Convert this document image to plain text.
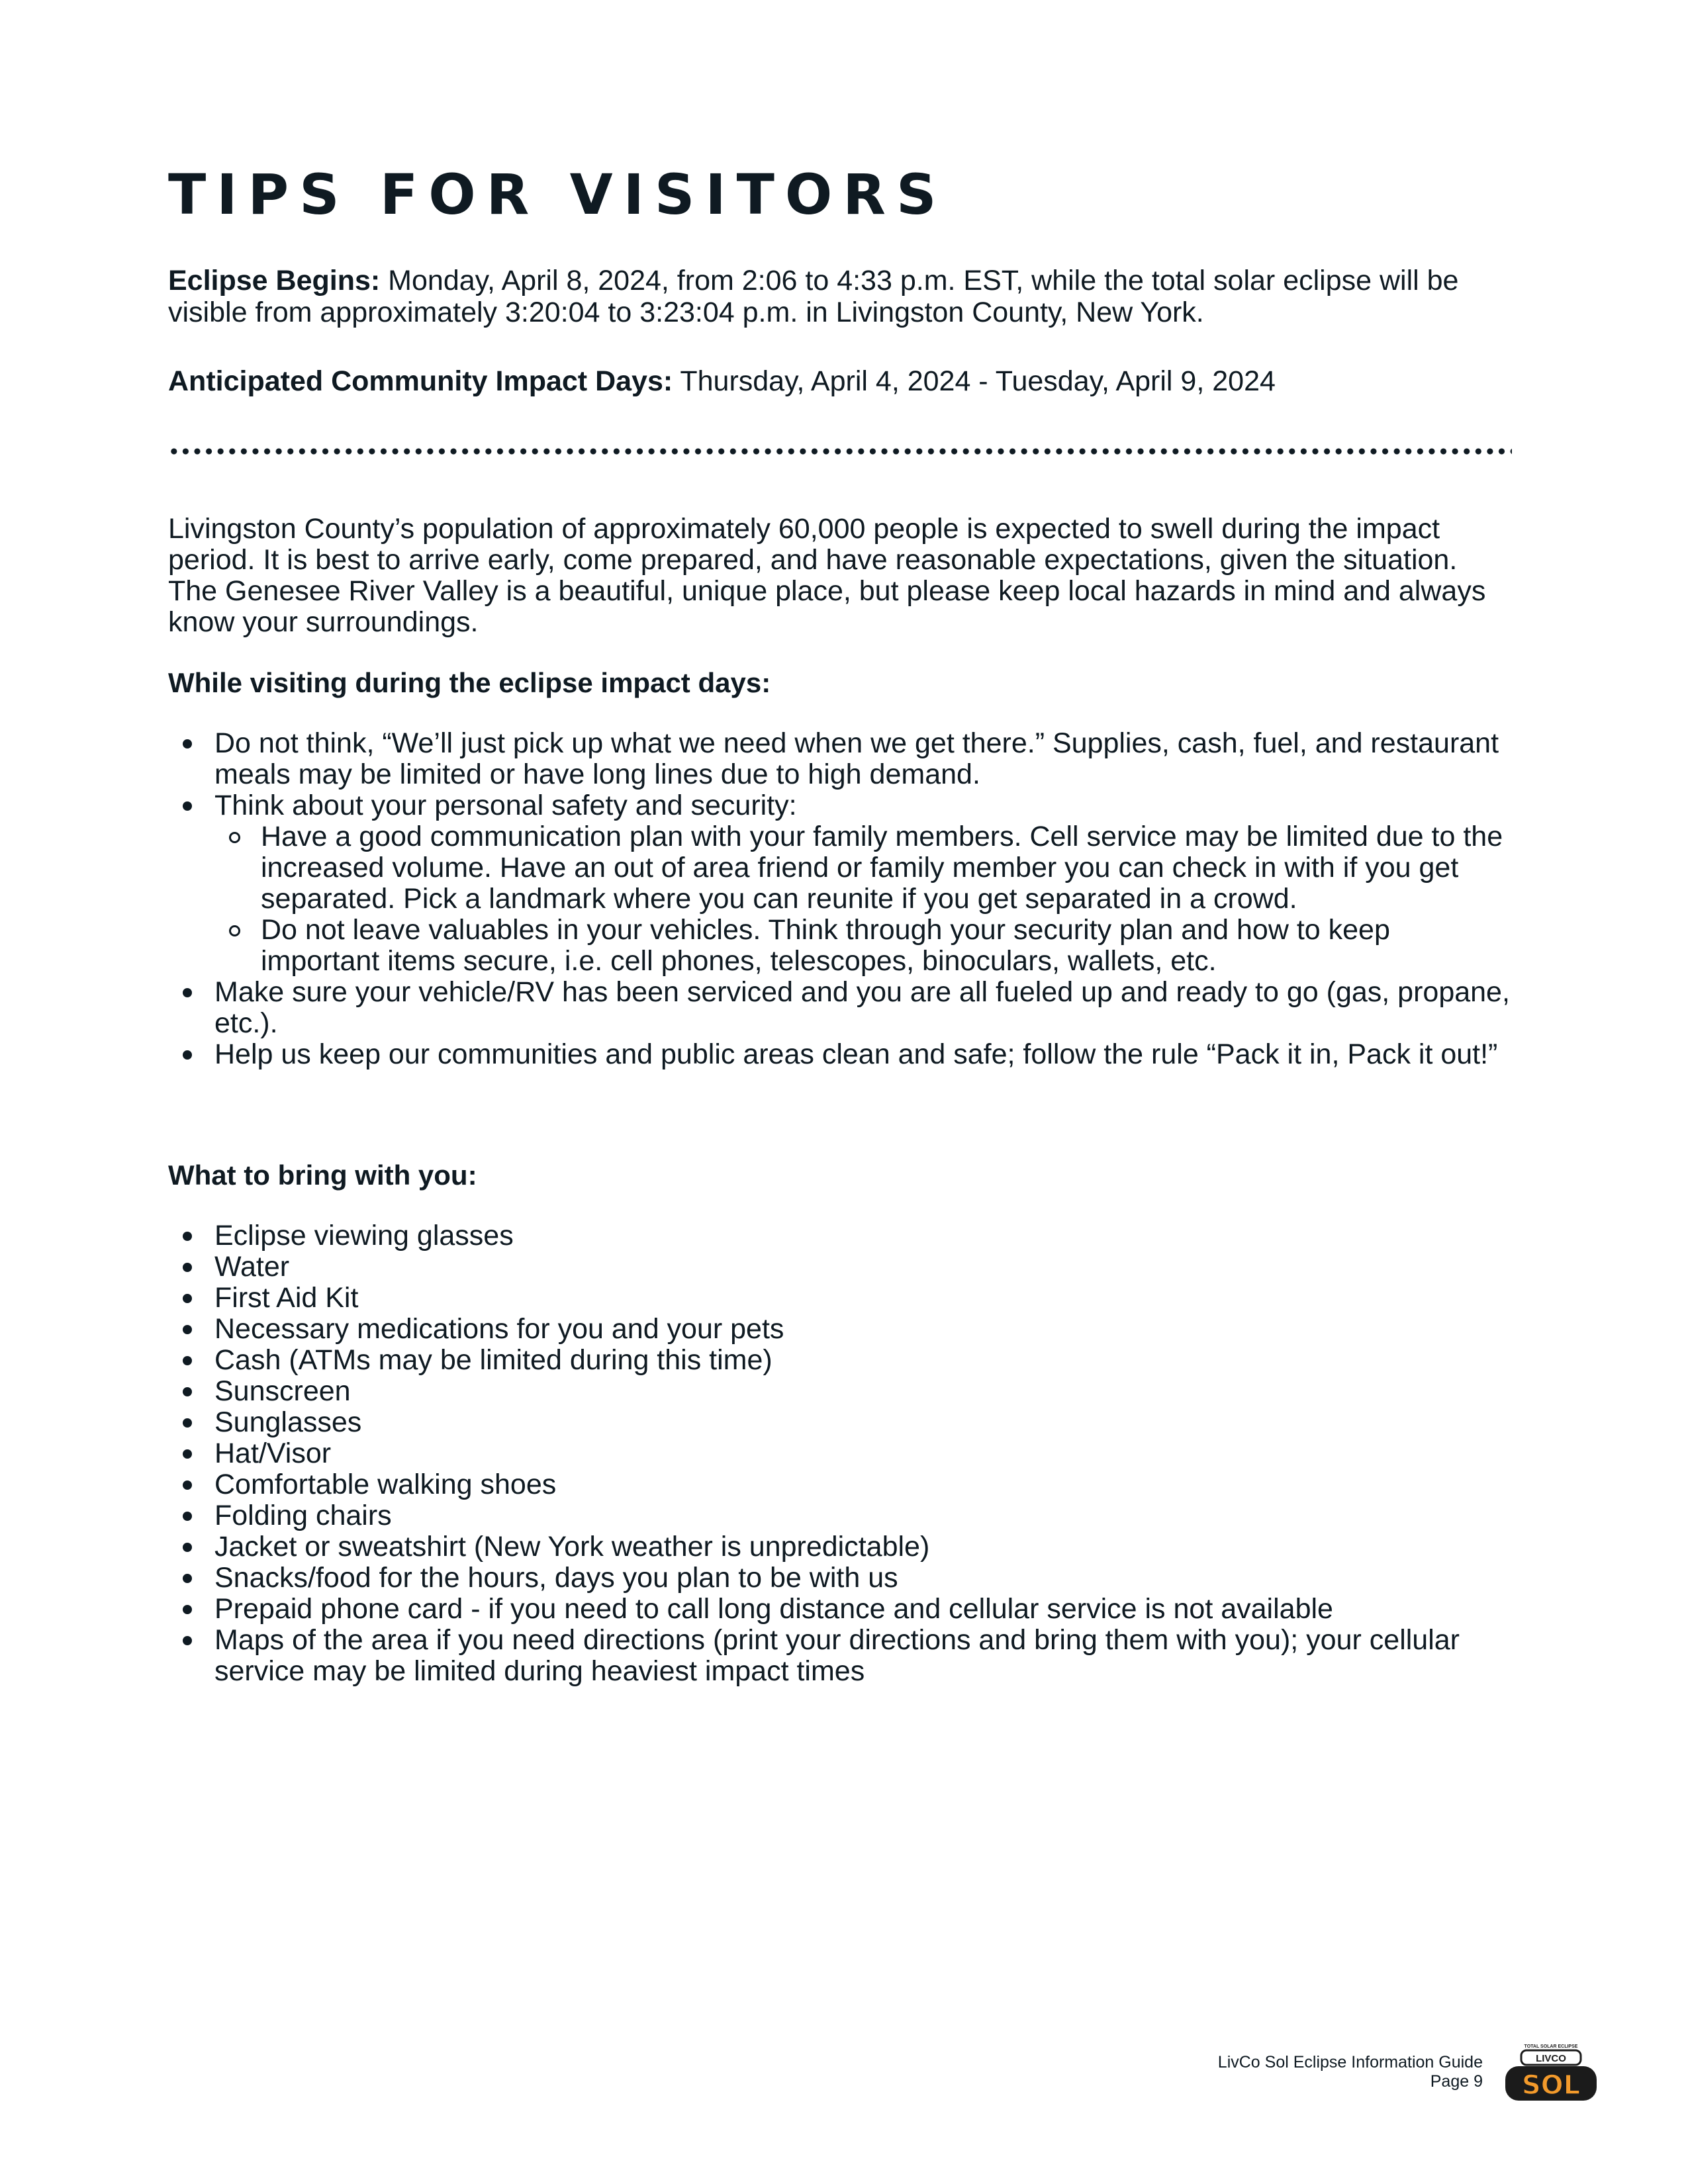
TIPS FOR VISITORS

Eclipse Begins: Monday, April 8, 2024, from 2:06 to 4:33 p.m. EST, while the total solar eclipse will be visible from approximately 3:20:04 to 3:23:04 p.m. in Livingston County, New York.

Anticipated Community Impact Days: Thursday, April 4, 2024 - Tuesday, April 9, 2024

Livingston County’s population of approximately 60,000 people is expected to swell during the impact period. It is best to arrive early, come prepared, and have reasonable expectations, given the situation. The Genesee River Valley is a beautiful, unique place, but please keep local hazards in mind and always know your surroundings.

While visiting during the eclipse impact days:

Do not think, “We’ll just pick up what we need when we get there.” Supplies, cash, fuel, and restaurant meals may be limited or have long lines due to high demand.
Think about your personal safety and security:
Have a good communication plan with your family members. Cell service may be limited due to the increased volume. Have an out of area friend or family member you can check in with if you get separated. Pick a landmark where you can reunite if you get separated in a crowd.
Do not leave valuables in your vehicles. Think through your security plan and how to keep important items secure, i.e. cell phones, telescopes, binoculars, wallets, etc.
Make sure your vehicle/RV has been serviced and you are all fueled up and ready to go (gas, propane, etc.).
Help us keep our communities and public areas clean and safe; follow the rule “Pack it in, Pack it out!”

What to bring with you:

Eclipse viewing glasses
Water
First Aid Kit
Necessary medications for you and your pets
Cash (ATMs may be limited during this time)
Sunscreen
Sunglasses
Hat/Visor
Comfortable walking shoes
Folding chairs
Jacket or sweatshirt (New York weather is unpredictable)
Snacks/food for the hours, days you plan to be with us
Prepaid phone card - if you need to call long distance and cellular service is not available
Maps of the area if you need directions (print your directions and bring them with you); your cellular service may be limited during heaviest impact times
LivCo Sol Eclipse Information Guide
Page 9
TOTAL SOLAR ECLIPSE
LIVCO
SOL
